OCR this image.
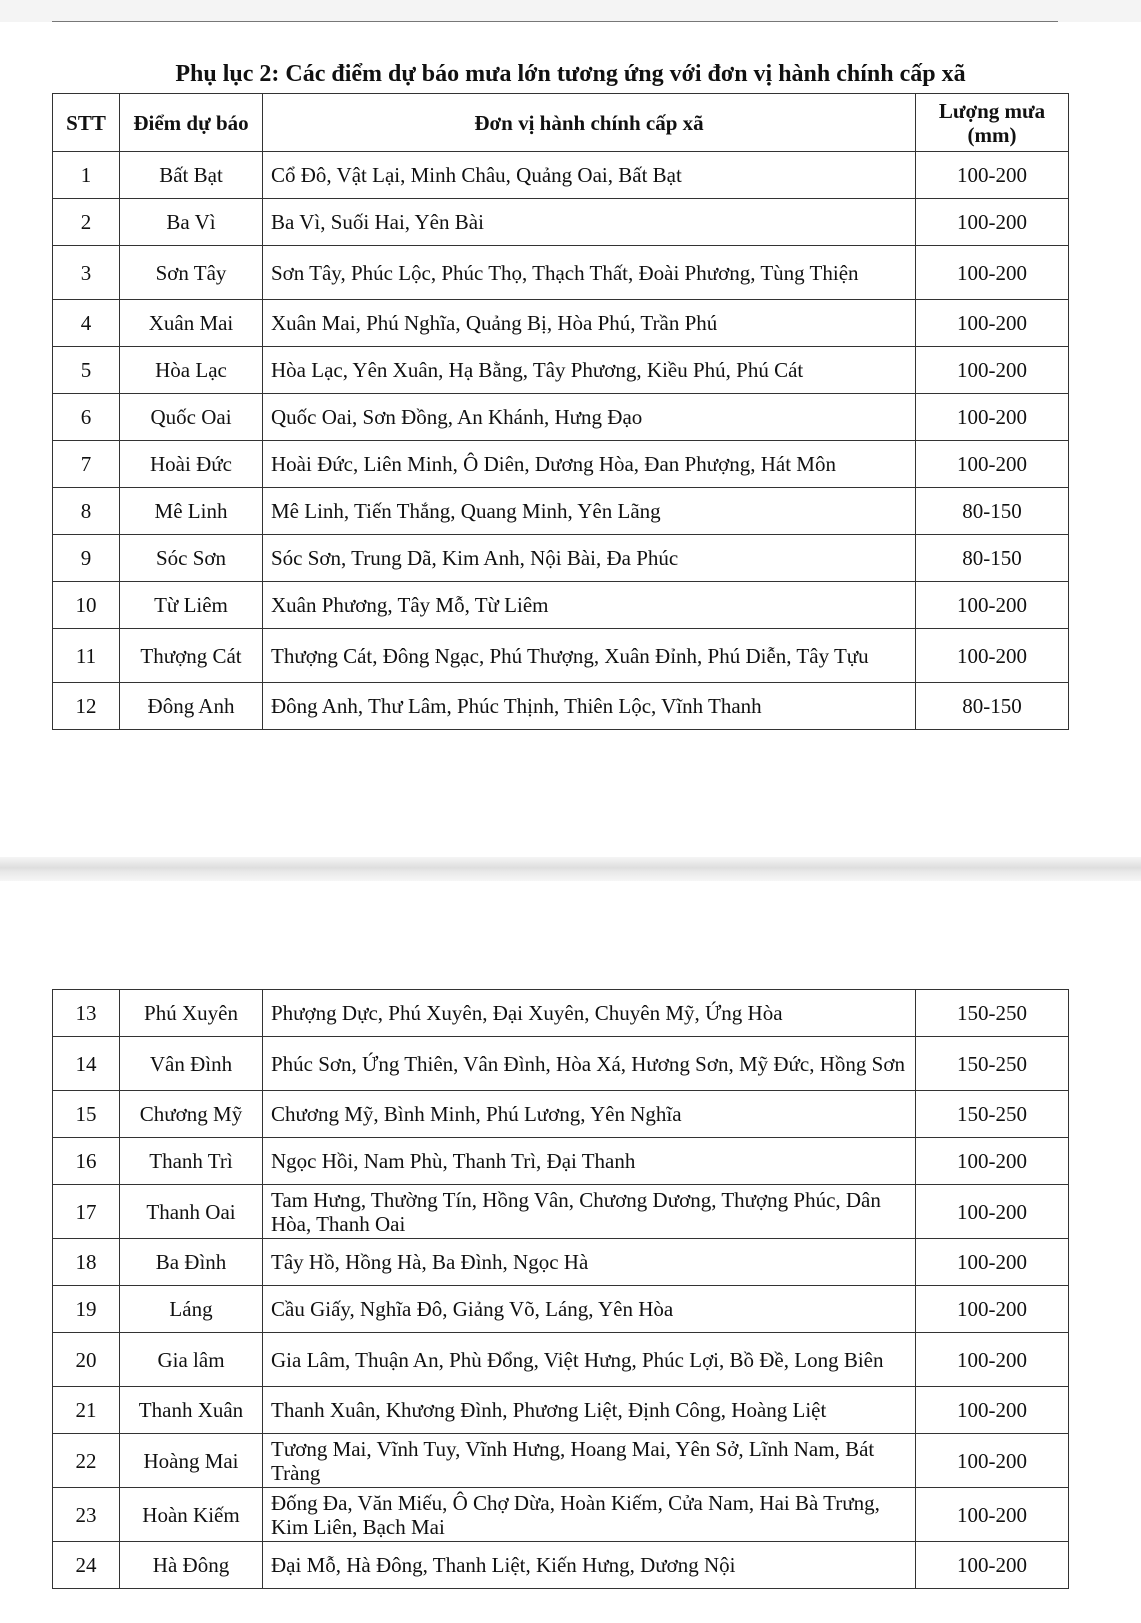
Phụ lục 2: Các điểm dự báo mưa lớn tương ứng với đơn vị hành chính cấp xã
STT	Điểm dự báo	Đơn vị hành chính cấp xã	Lượng mưa (mm)
1	Bất Bạt	Cổ Đô, Vật Lại, Minh Châu, Quảng Oai, Bất Bạt	100-200
2	Ba Vì	Ba Vì, Suối Hai, Yên Bài	100-200
3	Sơn Tây	Sơn Tây, Phúc Lộc, Phúc Thọ, Thạch Thất, Đoài Phương, Tùng Thiện	100-200
4	Xuân Mai	Xuân Mai, Phú Nghĩa, Quảng Bị, Hòa Phú, Trần Phú	100-200
5	Hòa Lạc	Hòa Lạc, Yên Xuân, Hạ Bằng, Tây Phương, Kiều Phú, Phú Cát	100-200
6	Quốc Oai	Quốc Oai, Sơn Đồng, An Khánh, Hưng Đạo	100-200
7	Hoài Đức	Hoài Đức, Liên Minh, Ô Diên, Dương Hòa, Đan Phượng, Hát Môn	100-200
8	Mê Linh	Mê Linh, Tiến Thắng, Quang Minh, Yên Lãng	80-150
9	Sóc Sơn	Sóc Sơn, Trung Dã, Kim Anh, Nội Bài, Đa Phúc	80-150
10	Từ Liêm	Xuân Phương, Tây Mỗ, Từ Liêm	100-200
11	Thượng Cát	Thượng Cát, Đông Ngạc, Phú Thượng, Xuân Đỉnh, Phú Diễn, Tây Tựu	100-200
12	Đông Anh	Đông Anh, Thư Lâm, Phúc Thịnh, Thiên Lộc, Vĩnh Thanh	80-150
13	Phú Xuyên	Phượng Dực, Phú Xuyên, Đại Xuyên, Chuyên Mỹ, Ứng Hòa	150-250
14	Vân Đình	Phúc Sơn, Ứng Thiên, Vân Đình, Hòa Xá, Hương Sơn, Mỹ Đức, Hồng Sơn	150-250
15	Chương Mỹ	Chương Mỹ, Bình Minh, Phú Lương, Yên Nghĩa	150-250
16	Thanh Trì	Ngọc Hồi, Nam Phù, Thanh Trì, Đại Thanh	100-200
17	Thanh Oai	Tam Hưng, Thường Tín, Hồng Vân, Chương Dương, Thượng Phúc, Dân Hòa, Thanh Oai	100-200
18	Ba Đình	Tây Hồ, Hồng Hà, Ba Đình, Ngọc Hà	100-200
19	Láng	Cầu Giấy, Nghĩa Đô, Giảng Võ, Láng, Yên Hòa	100-200
20	Gia lâm	Gia Lâm, Thuận An, Phù Đổng, Việt Hưng, Phúc Lợi, Bồ Đề, Long Biên	100-200
21	Thanh Xuân	Thanh Xuân, Khương Đình, Phương Liệt, Định Công, Hoàng Liệt	100-200
22	Hoàng Mai	Tương Mai, Vĩnh Tuy, Vĩnh Hưng, Hoang Mai, Yên Sở, Lĩnh Nam, Bát Tràng	100-200
23	Hoàn Kiếm	Đống Đa, Văn Miếu, Ô Chợ Dừa, Hoàn Kiếm, Cửa Nam, Hai Bà Trưng, Kim Liên, Bạch Mai	100-200
24	Hà Đông	Đại Mỗ, Hà Đông, Thanh Liệt, Kiến Hưng, Dương Nội	100-200
